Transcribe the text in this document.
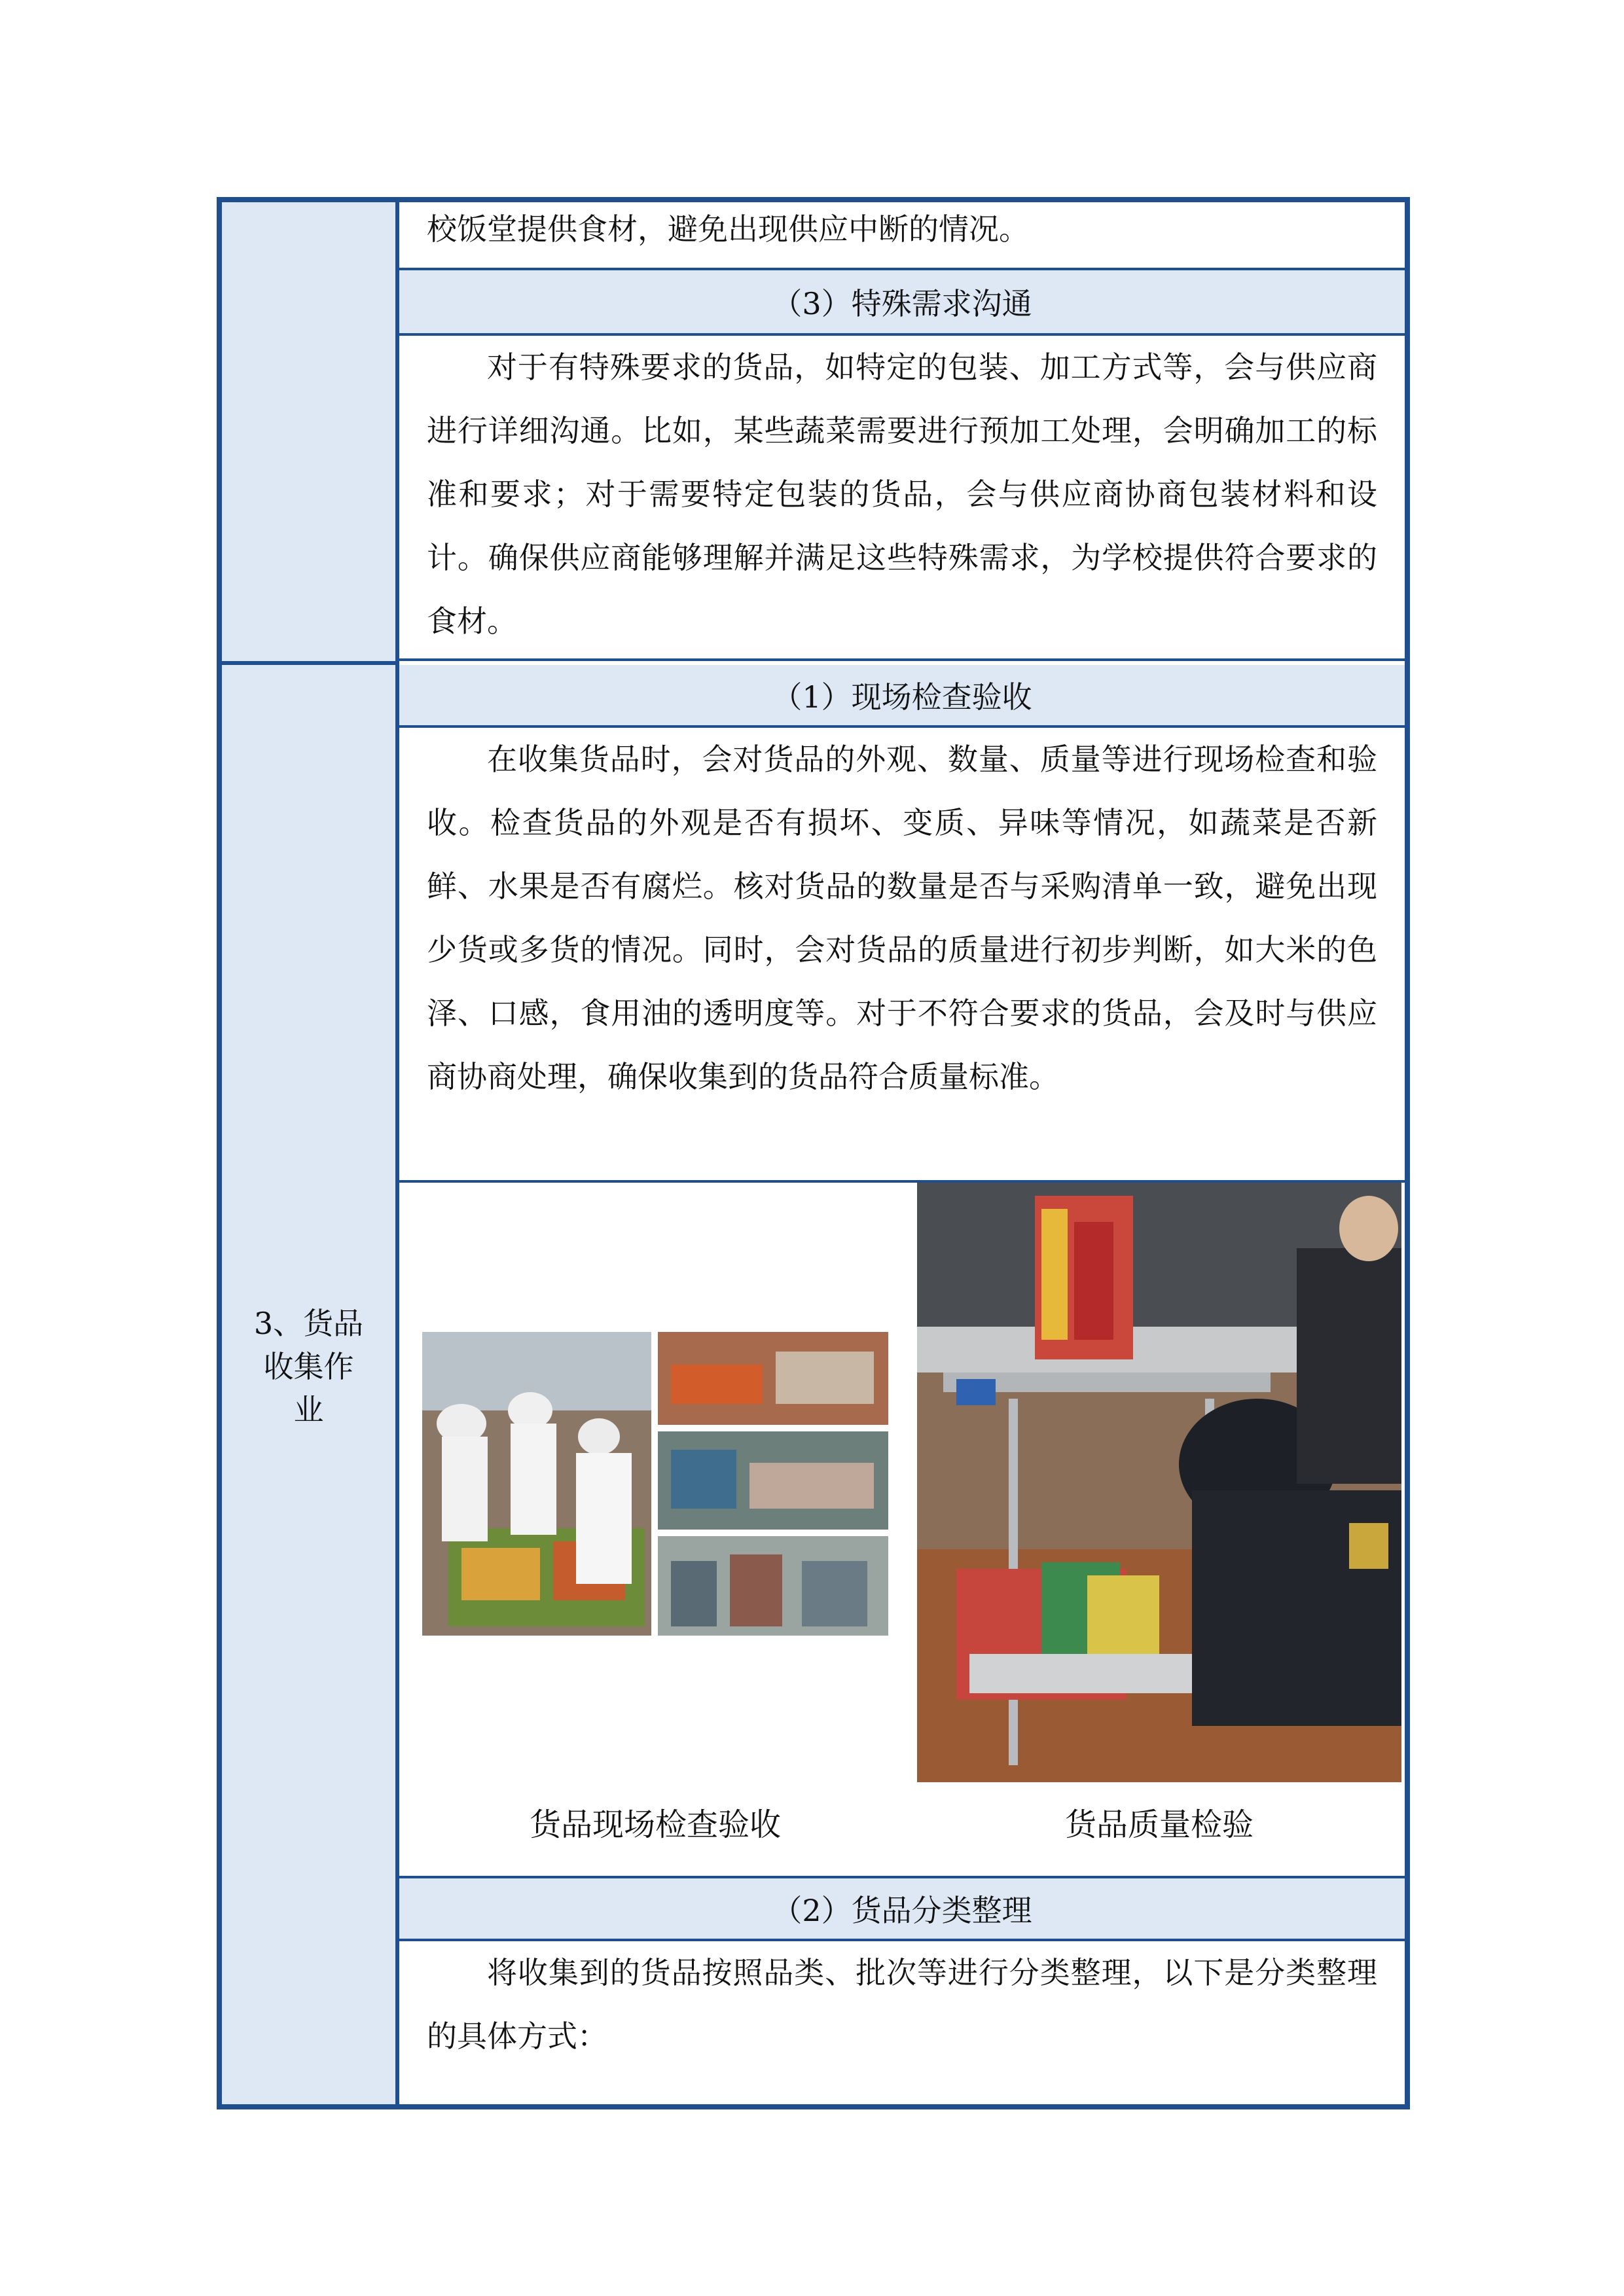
3、货品
收集作
业
校饭堂提供食材，避免出现供应中断的情况。
（3）特殊需求沟通
对于有特殊要求的货品，如特定的包装、加工方式等，会与供应商进行详细沟通。比如，某些蔬菜需要进行预加工处理，会明确加工的标准和要求；对于需要特定包装的货品，会与供应商协商包装材料和设计。确保供应商能够理解并满足这些特殊需求，为学校提供符合要求的食材。
（1）现场检查验收
在收集货品时，会对货品的外观、数量、质量等进行现场检查和验收。检查货品的外观是否有损坏、变质、异味等情况，如蔬菜是否新鲜、水果是否有腐烂。核对货品的数量是否与采购清单一致，避免出现少货或多货的情况。同时，会对货品的质量进行初步判断，如大米的色泽、口感，食用油的透明度等。对于不符合要求的货品，会及时与供应商协商处理，确保收集到的货品符合质量标准。
货品现场检查验收	货品质量检验
（2）货品分类整理
将收集到的货品按照品类、批次等进行分类整理，以下是分类整理的具体方式：
